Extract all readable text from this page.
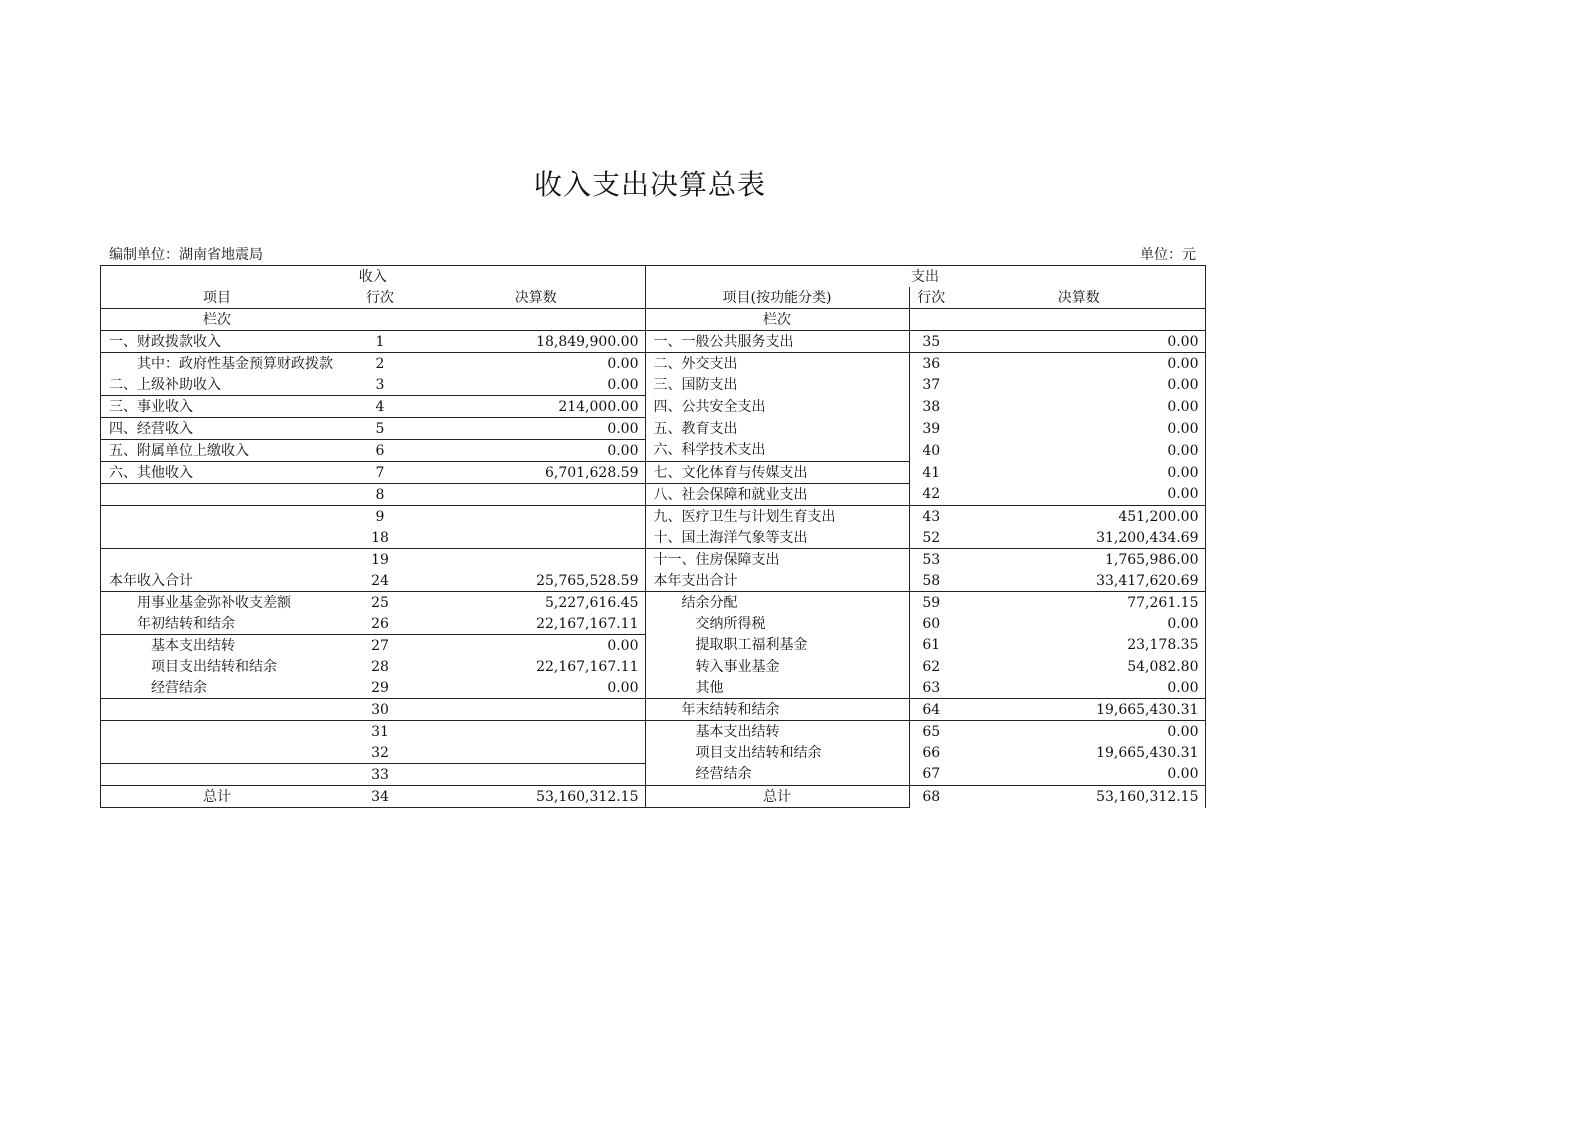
收入支出决算总表
编制单位：湖南省地震局	单位：元
收入			支出		
项目	行次	决算数	项目(按功能分类)	行次	决算数
栏次			栏次		
一、财政拨款收入	1	18,849,900.00	一、一般公共服务支出	35	0.00
其中：政府性基金预算财政拨款	2	0.00	二、外交支出	36	0.00
二、上级补助收入	3	0.00	三、国防支出	37	0.00
三、事业收入	4	214,000.00	四、公共安全支出	38	0.00
四、经营收入	5	0.00	五、教育支出	39	0.00
五、附属单位上缴收入	6	0.00	六、科学技术支出	40	0.00
六、其他收入	7	6,701,628.59	七、文化体育与传媒支出	41	0.00
	8		八、社会保障和就业支出	42	0.00
	9		九、医疗卫生与计划生育支出	43	451,200.00
	18		十、国土海洋气象等支出	52	31,200,434.69
	19		十一、住房保障支出	53	1,765,986.00
本年收入合计	24	25,765,528.59	本年支出合计	58	33,417,620.69
用事业基金弥补收支差额	25	5,227,616.45	结余分配	59	77,261.15
年初结转和结余	26	22,167,167.11	交纳所得税	60	0.00
基本支出结转	27	0.00	提取职工福利基金	61	23,178.35
项目支出结转和结余	28	22,167,167.11	转入事业基金	62	54,082.80
经营结余	29	0.00	其他	63	0.00
	30		年末结转和结余	64	19,665,430.31
	31		基本支出结转	65	0.00
	32		项目支出结转和结余	66	19,665,430.31
	33		经营结余	67	0.00
总计	34	53,160,312.15	总计	68	53,160,312.15
